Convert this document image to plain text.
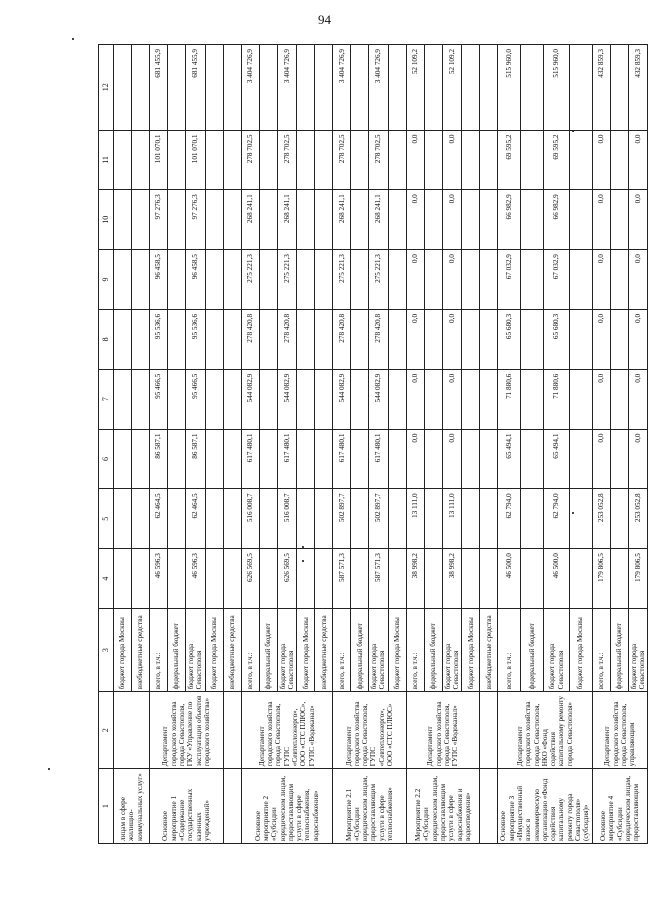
94
1	2	3	4	5	6	7	8	9	10	11	12
лицам в сфере жилищно-коммунальных услуг»		бюджет города Москвы									
		внебюджетные средства									
Основное мероприятие 1 «Содержание государственных казенных учреждений»	Департамент городского хозяйства города Севастополя, ГКУ «Управление по эксплуатации объектов городского хозяйства»	всего, в т.ч.:	46 596,3	62 464,5	86 587,1	95 466,5	95 536,6	96 458,5	97 276,3	101 070,1	681 455,9
		федеральный бюджет									
		бюджет города Севастополя	46 596,3	62 464,5	86 587,1	95 466,5	95 536,6	96 458,5	97 276,3	101 070,1	681 455,9
		бюджет города Москвы									
		внебюджетные средства									
Основное мероприятие 2 «Субсидии юридическим лицам, предоставляющим услуги в сфере теплоснабжения, водоснабжения»	Департамент городского хозяйства города Севастополя, ГУПС «Севтеплоэнерго», ООО «СТС ПЛЮС», ГУПС «Водоканал»	всего, в т.ч.:	626 569,5	516 008,7	617 480,1	544 082,9	278 420,8	275 221,3	268 241,1	278 702,5	3 404 726,9
		федеральный бюджет									
		бюджет города Севастополя	626 569,5	516 008,7	617 480,1	544 082,9	278 420,8	275 221,3	268 241,1	278 702,5	3 404 726,9
		бюджет города Москвы									
		внебюджетные средства									
Мероприятие 2.1 «Субсидии юридическим лицам, предоставляющим услуги в сфере теплоснабжения»	Департамент городского хозяйства города Севастополя, ГУПС «Севтеплоэнерго», ООО «СТС ПЛЮС»	всего, в т.ч.:	587 571,3	502 897,7	617 480,1	544 082,9	278 420,8	275 221,3	268 241,1	278 702,5	3 404 726,9
		федеральный бюджет									
		бюджет города Севастополя	587 571,3	502 897,7	617 480,1	544 082,9	278 420,8	275 221,3	268 241,1	278 702,5	3 404 726,9
		бюджет города Москвы									
Мероприятие 2.2 «Субсидии юридическим лицам, предоставляющим услуги в сфере водоснабжения и водоотведения»	Департамент городского хозяйства города Севастополя, ГУПС «Водоканал»	всего, в т.ч.:	38 998,2	13 111,0	0,0	0,0	0,0	0,0	0,0	0,0	52 109,2
		федеральный бюджет									
		бюджет города Севастополя	38 998,2	13 111,0	0,0	0,0	0,0	0,0	0,0	0,0	52 109,2
		бюджет города Москвы									
		внебюджетные средства									
Основное мероприятие 3 «Имущественный взнос в некоммерческую организацию «Фонд содействия капитальному ремонту города Севастополя» (субсидия)»	Департамент городского хозяйства города Севастополя, НКО «Фонд содействия капитальному ремонту города Севастополя»	всего, в т.ч.:	46 500,0	62 794,0	65 494,1	71 880,6	65 680,3	67 032,9	66 982,9	69 595,2	515 960,0
		федеральный бюджет									
		бюджет города Севастополя	46 500,0	62 794,0	65 494,1	71 880,6	65 680,3	67 032,9	66 982,9	69 595,2	515 960,0
		бюджет города Москвы									
Основное мероприятие 4 «Субсидии юридическим лицам, предоставляющим	Департамент городского хозяйства города Севастополя, управляющим	всего, в т.ч.:	179 806,5	253 052,8	0,0	0,0	0,0	0,0	0,0	0,0	432 859,3
		федеральный бюджет									
		бюджет города Севастополя	179 806,5	253 052,8	0,0	0,0	0,0	0,0	0,0	0,0	432 859,3
